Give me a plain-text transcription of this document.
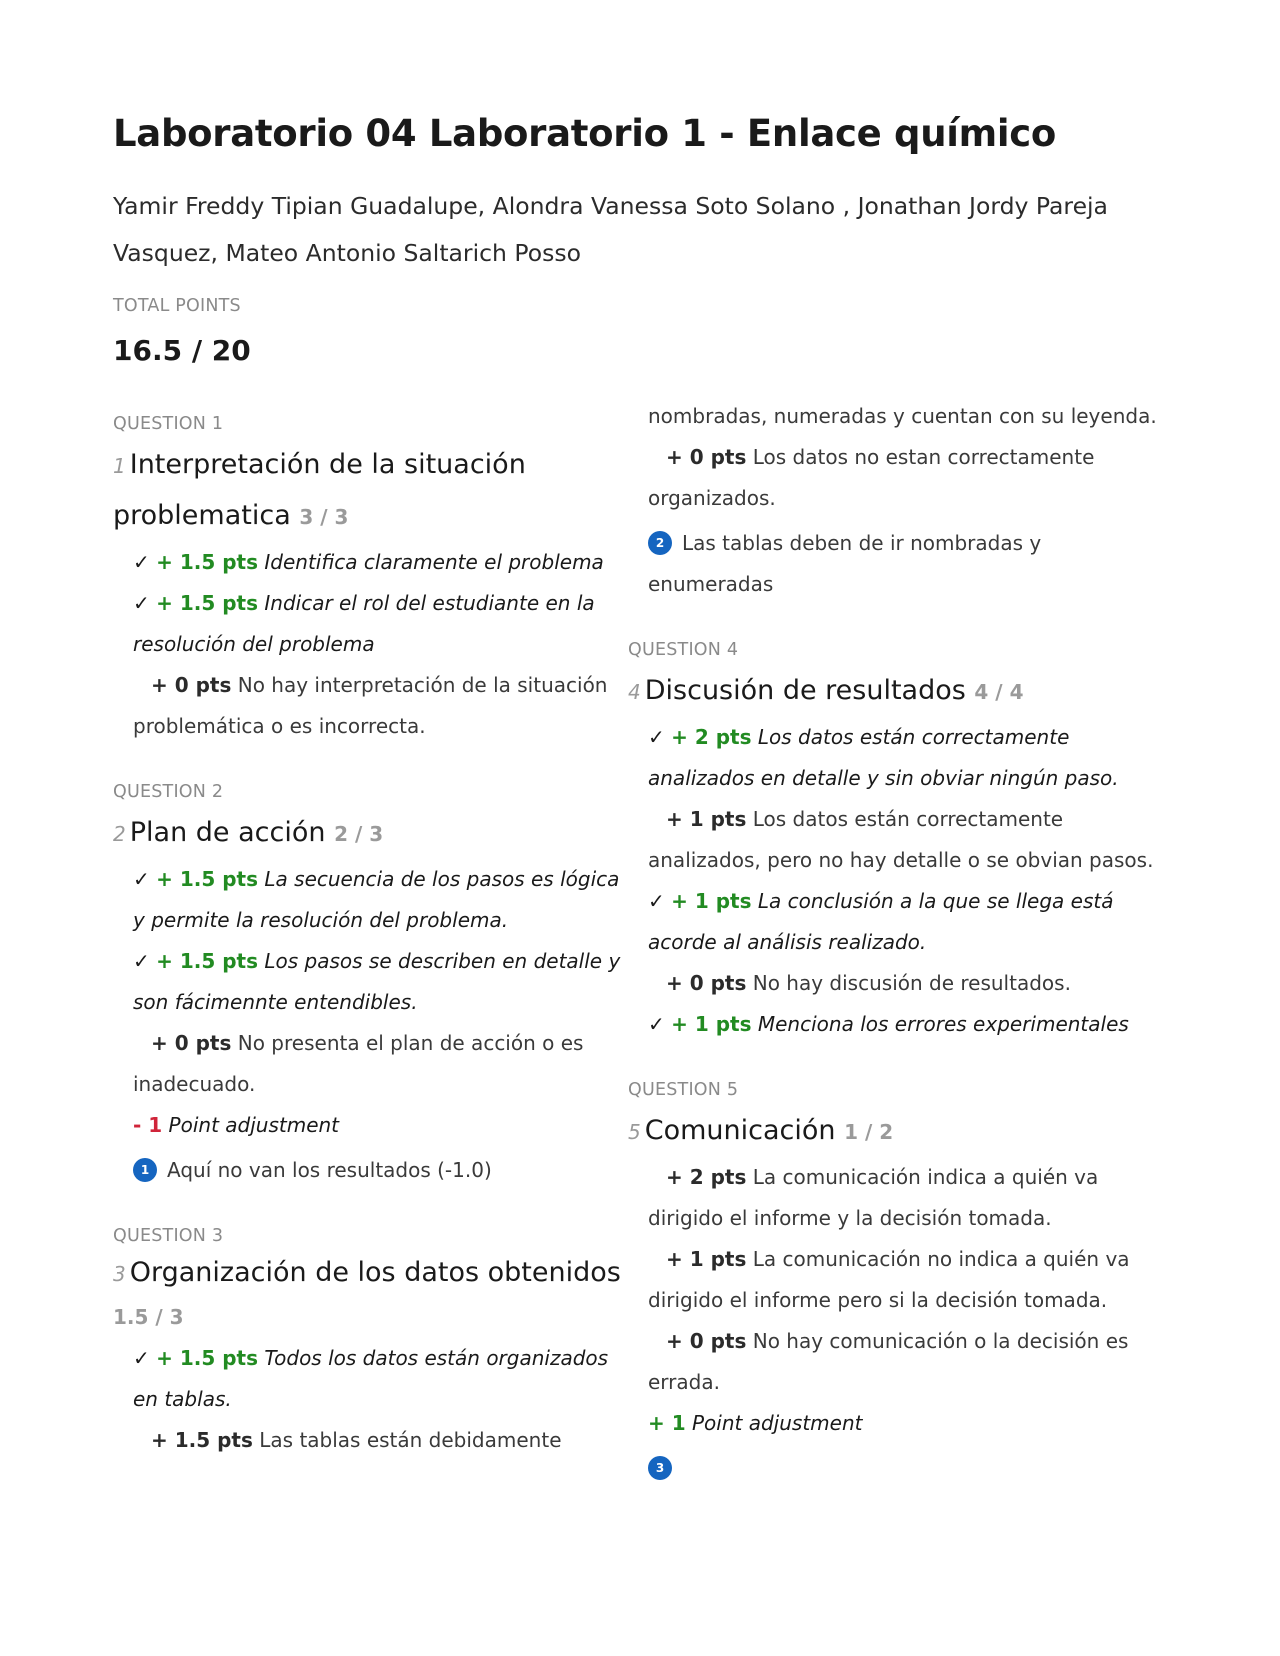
Laboratorio 04 Laboratorio 1 - Enlace químico

Yamir Freddy Tipian Guadalupe, Alondra Vanessa Soto Solano , Jonathan Jordy Pareja Vasquez, Mateo Antonio Saltarich Posso

TOTAL POINTS
16.5 / 20
QUESTION 1
1 Interpretación de la situación problematica 3 / 3
✓ + 1.5 pts Identifica claramente el problema
✓ + 1.5 pts Indicar el rol del estudiante en la resolución del problema
+ 0 pts No hay interpretación de la situación problemática o es incorrecta.
QUESTION 2
2 Plan de acción 2 / 3
✓ + 1.5 pts La secuencia de los pasos es lógica y permite la resolución del problema.
✓ + 1.5 pts Los pasos se describen en detalle y son fácimennte entendibles.
+ 0 pts No presenta el plan de acción o es inadecuado.
- 1 Point adjustment
1 Aquí no van los resultados (-1.0)
QUESTION 3
3 Organización de los datos obtenidos
1.5 / 3
✓ + 1.5 pts Todos los datos están organizados en tablas.
+ 1.5 pts Las tablas están debidamente
nombradas, numeradas y cuentan con su leyenda.
+ 0 pts Los datos no estan correctamente organizados.
2 Las tablas deben de ir nombradas y enumeradas
QUESTION 4
4 Discusión de resultados 4 / 4
✓ + 2 pts Los datos están correctamente analizados en detalle y sin obviar ningún paso.
+ 1 pts Los datos están correctamente analizados, pero no hay detalle o se obvian pasos.
✓ + 1 pts La conclusión a la que se llega está acorde al análisis realizado.
+ 0 pts No hay discusión de resultados.
✓ + 1 pts Menciona los errores experimentales
QUESTION 5
5 Comunicación 1 / 2
+ 2 pts La comunicación indica a quién va dirigido el informe y la decisión tomada.
+ 1 pts La comunicación no indica a quién va dirigido el informe pero si la decisión tomada.
+ 0 pts No hay comunicación o la decisión es errada.
+ 1 Point adjustment
3
